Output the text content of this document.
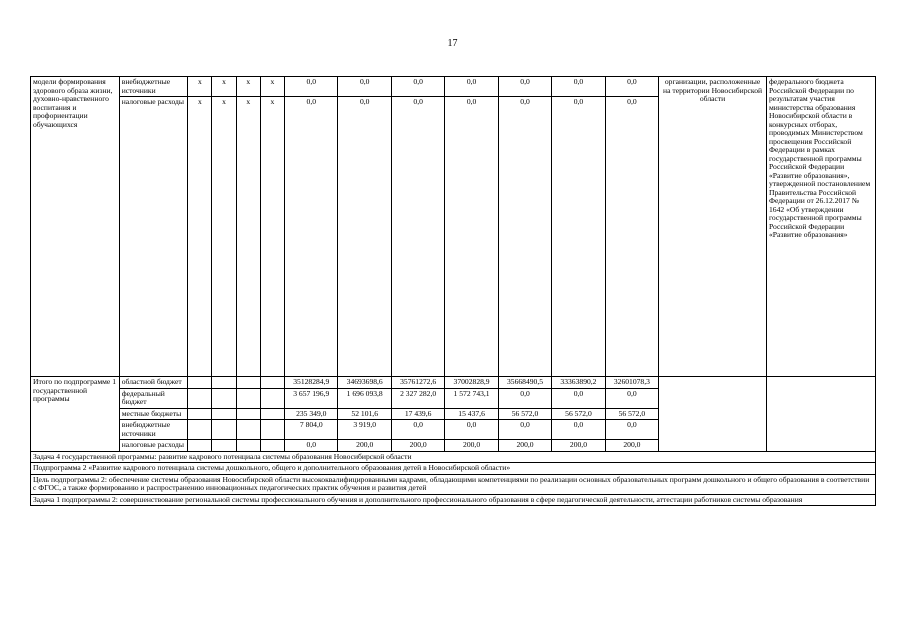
17
модели формирования здорового образа жизни, духовно-нравственного воспитания и профориентации обучающихся	внебюджетные источники	x	x	x	x	0,0	0,0	0,0	0,0	0,0	0,0	0,0	организации, расположенные на территории Новосибирской области	федерального бюджета Российской Федерации по результатам участия министерства образования Новосибирской области в конкурсных отборах, проводимых Министерством просвещения Российской Федерации в рамках государственной программы Российской Федерации «Развитие образования», утвержденной постановлением Правительства Российской Федерации от 26.12.2017 № 1642 «Об утверждении государственной программы Российской Федерации «Развитие образования»
	налоговые расходы	x	x	x	x	0,0	0,0	0,0	0,0	0,0	0,0	0,0		
Итого по подпрограмме 1 государственной программы	областной бюджет					35128284,9	34693698,6	35761272,6	37002828,9	35668490,5	33363890,2	32601078,3		
	федеральный бюджет					3 657 196,9	1 696 093,8	2 327 282,0	1 572 743,1	0,0	0,0	0,0		
	местные бюджеты					235 349,0	52 101,6	17 439,6	15 437,6	56 572,0	56 572,0	56 572,0		
	внебюджетные источники					7 804,0	3 919,0	0,0	0,0	0,0	0,0	0,0		
	налоговые расходы					0,0	200,0	200,0	200,0	200,0	200,0	200,0		
Задача 4 государственной программы: развитие кадрового потенциала системы образования Новосибирской области														
Подпрограмма 2 «Развитие кадрового потенциала системы дошкольного, общего и дополнительного образования детей в Новосибирской области»														
Цель подпрограммы 2: обеспечение системы образования Новосибирской области высококвалифицированными кадрами, обладающими компетенциями по реализации основных образовательных программ дошкольного и общего образования в соответствии с ФГОС, а также формированию и распространению инновационных педагогических практик обучения и развития детей														
Задача 1 подпрограммы 2: совершенствование региональной системы профессионального обучения и дополнительного профессионального образования в сфере педагогической деятельности, аттестации работников системы образования														
